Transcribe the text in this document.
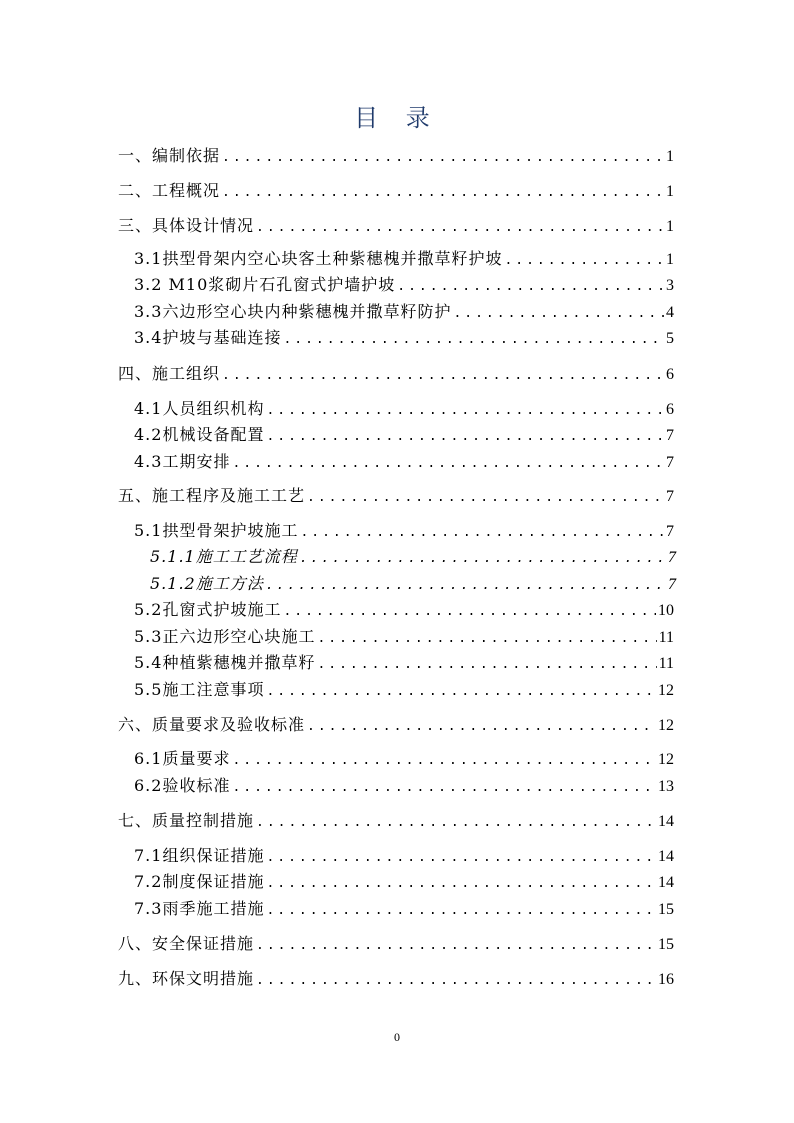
目 录
一、编制依据 .....	1
二、工程概况 .....	1
三、具体设计情况 .....	1
3.1拱型骨架内空心块客土种紫穗槐并撒草籽护坡 .....	1
3.2 M10浆砌片石孔窗式护墙护坡 .....	3
3.3六边形空心块内种紫穗槐并撒草籽防护 .....	4
3.4护坡与基础连接 .....	5
四、施工组织 .....	6
4.1人员组织机构 .....	6
4.2机械设备配置 .....	7
4.3工期安排 .....	7
五、施工程序及施工工艺 .....	7
5.1拱型骨架护坡施工 .....	7
5.1.1施工工艺流程 .....	7
5.1.2施工方法 .....	7
5.2孔窗式护坡施工 .....	10
5.3正六边形空心块施工 .....	11
5.4种植紫穗槐并撒草籽 .....	11
5.5施工注意事项 .....	12
六、质量要求及验收标准 .....	12
6.1质量要求 .....	12
6.2验收标准 .....	13
七、质量控制措施 .....	14
7.1组织保证措施 .....	14
7.2制度保证措施 .....	14
7.3雨季施工措施 .....	15
八、安全保证措施 .....	15
九、环保文明措施 .....	16
0
